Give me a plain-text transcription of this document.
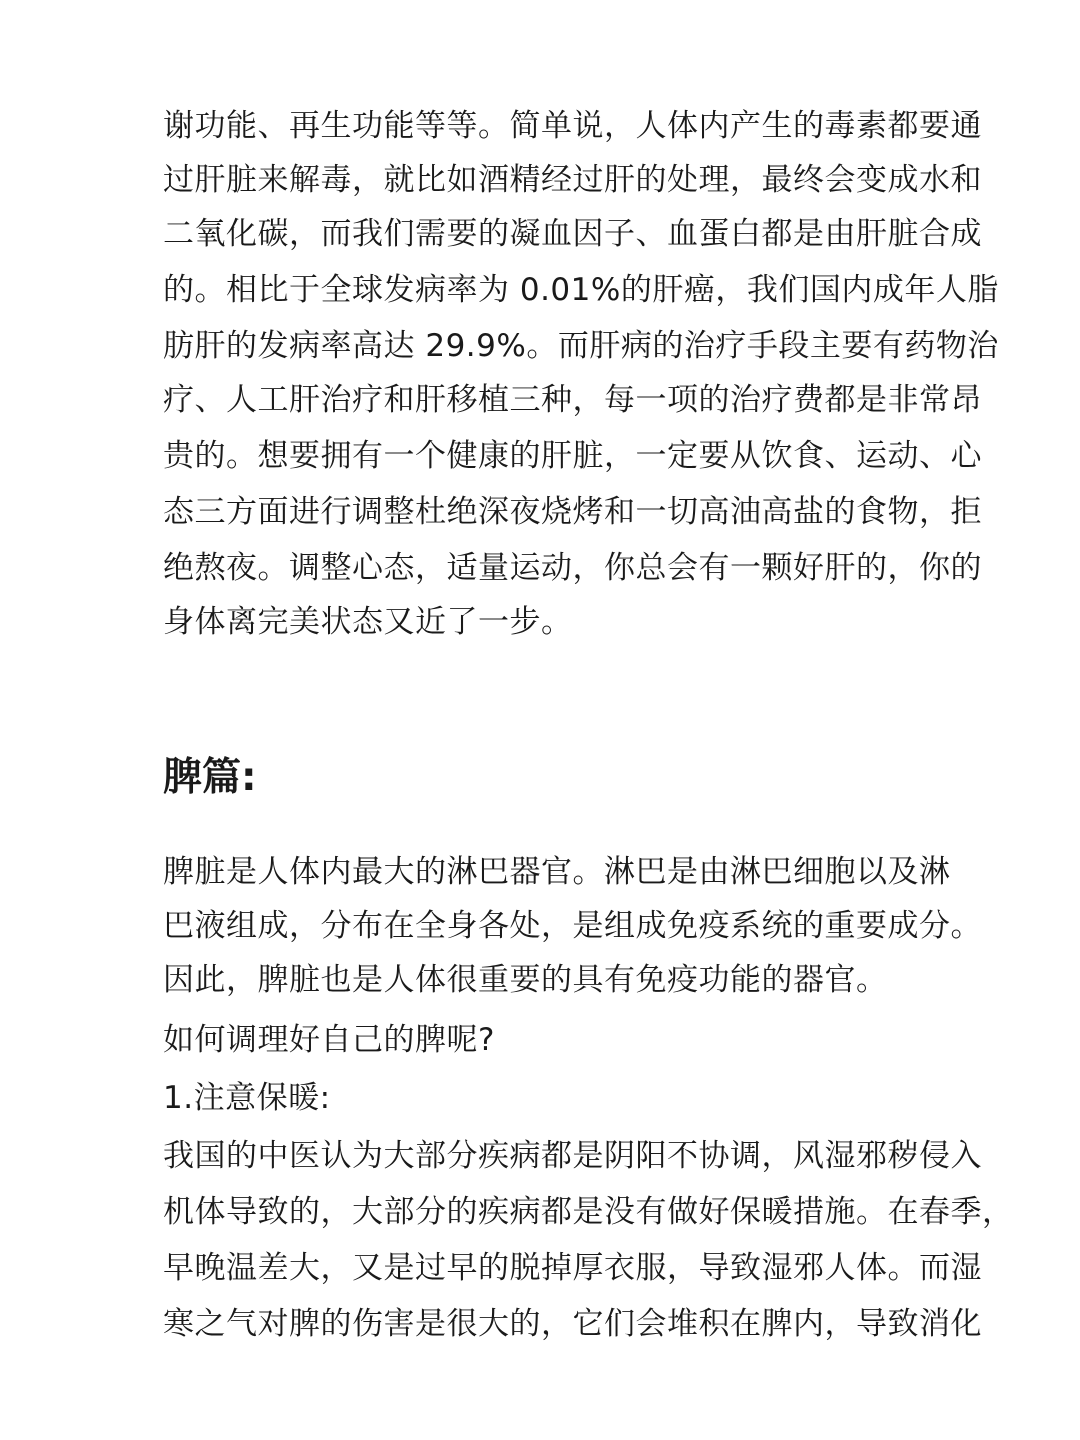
谢功能、再生功能等等。简单说，人体内产生的毒素都要通
过肝脏来解毒，就比如酒精经过肝的处理，最终会变成水和
二氧化碳，而我们需要的凝血因子、血蛋白都是由肝脏合成
的。相比于全球发病率为 0.01%的肝癌，我们国内成年人脂
肪肝的发病率高达 29.9%。而肝病的治疗手段主要有药物治
疗、人工肝治疗和肝移植三种，每一项的治疗费都是非常昂
贵的。想要拥有一个健康的肝脏，一定要从饮食、运动、心
态三方面进行调整杜绝深夜烧烤和一切高油高盐的食物，拒
绝熬夜。调整心态，适量运动，你总会有一颗好肝的，你的
身体离完美状态又近了一步。
脾篇:
脾脏是人体内最大的淋巴器官。淋巴是由淋巴细胞以及淋
巴液组成，分布在全身各处，是组成免疫系统的重要成分。
因此，脾脏也是人体很重要的具有免疫功能的器官。
如何调理好自己的脾呢?
1.注意保暖:
我国的中医认为大部分疾病都是阴阳不协调，风湿邪秽侵入
机体导致的，大部分的疾病都是没有做好保暖措施。在春季，
早晚温差大，又是过早的脱掉厚衣服，导致湿邪人体。而湿
寒之气对脾的伤害是很大的，它们会堆积在脾内，导致消化
